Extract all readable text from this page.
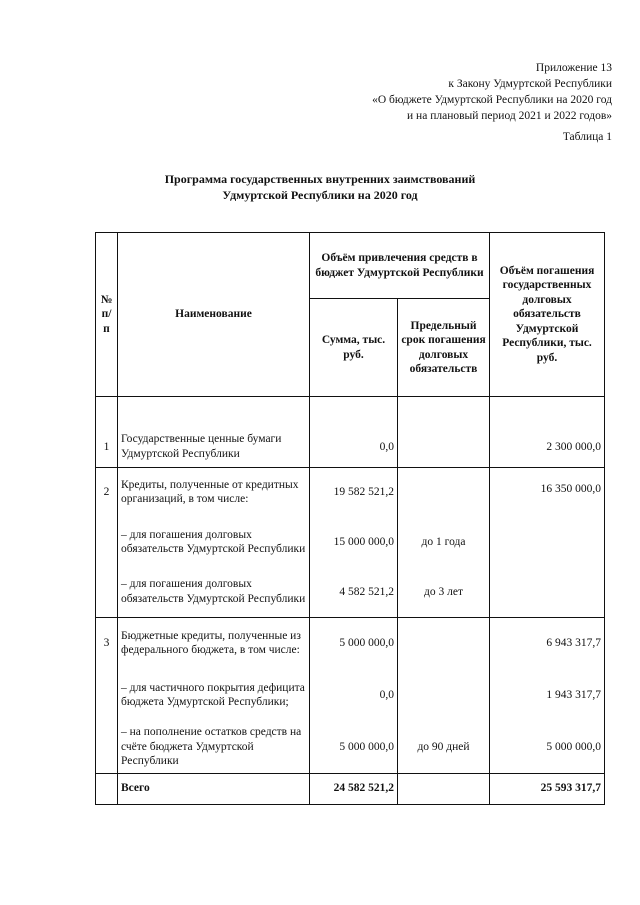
Приложение 13
к Закону Удмуртской Республики
«О бюджете Удмуртской Республики на 2020 год
и на плановый период 2021 и 2022 годов»
Таблица 1
Программа государственных внутренних заимствований
Удмуртской Республики на 2020 год
№ п/п	Наименование	Объём привлечения средств в бюджет Удмуртской Республики		Объём погашения государственных долговых обязательств Удмуртской Республики, тыс. руб.
		Сумма, тыс. руб.	Предельный срок погашения долговых обязательств	

1	Государственные ценные бумаги Удмуртской Республики	0,0		2 300 000,0
2	Кредиты, полученные от кредитных организаций, в том числе:	19 582 521,2		16 350 000,0
	– для погашения долговых обязательств Удмуртской Республики	15 000 000,0	до 1 года	
	– для погашения долговых обязательств Удмуртской Республики	4 582 521,2	до 3 лет	
3	Бюджетные кредиты, полученные из федерального бюджета, в том числе:	5 000 000,0		6 943 317,7
	– для частичного покрытия дефицита бюджета Удмуртской Республики;	0,0		1 943 317,7
	– на пополнение остатков средств на счёте бюджета Удмуртской Республики	5 000 000,0	до 90 дней	5 000 000,0
	Всего	24 582 521,2		25 593 317,7
